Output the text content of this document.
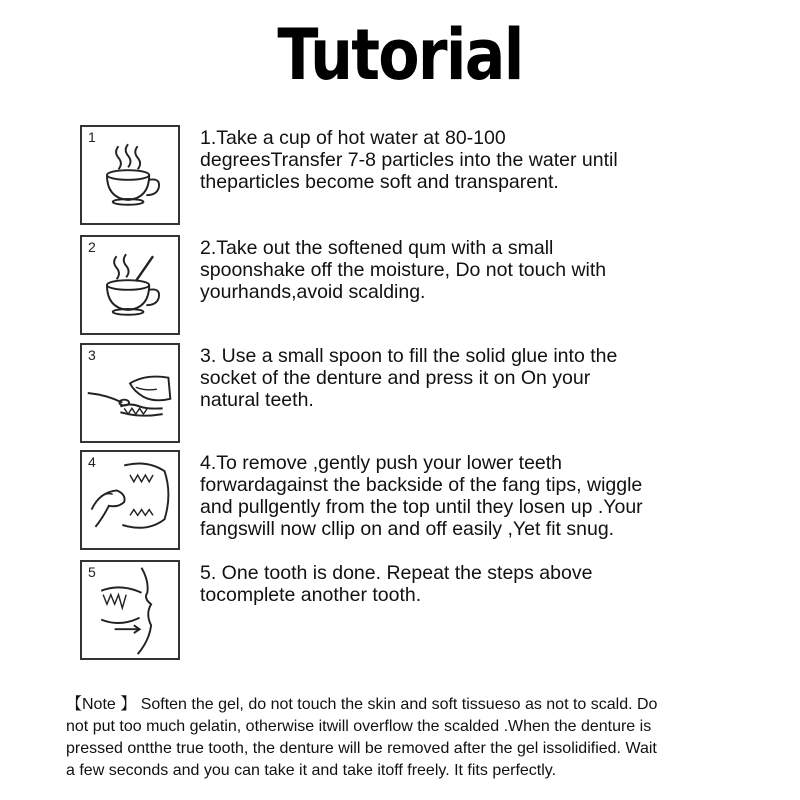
Tutorial
1	1.Take a cup of hot water at 80-100
degreesTransfer 7-8 particles into the water until
theparticles become soft and transparent.
2	2.Take out the softened qum with a small
spoonshake off the moisture, Do not touch with
yourhands,avoid scalding.
3	3. Use a small spoon to fill the solid glue into the
socket of the denture and press it on On your
natural teeth.
4	4.To remove ,gently push your lower teeth
forwardagainst the backside of the fang tips, wiggle
and pullgently from the top until they losen up .Your
fangswill now cllip on and off easily ,Yet fit snug.
5	5. One tooth is done. Repeat the steps above
tocomplete another tooth.
【Note 】 Soften the gel, do not touch the skin and soft tissueso as not to scald. Do
not put too much gelatin, otherwise itwill overflow the scalded .When the denture is
pressed ontthe true tooth, the denture will be removed after the gel issolidified. Wait
a few seconds and you can take it and take itoff freely. It fits perfectly.
